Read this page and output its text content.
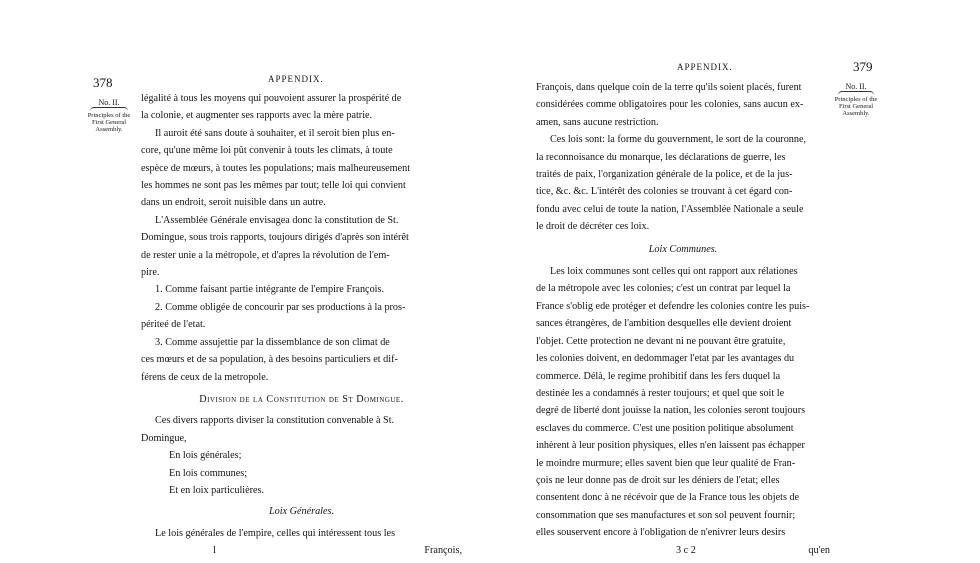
378	APPENDIX.
No. II.
Principles of the First General Assembly.

légalité à tous les moyens qui pouvoient assurer la prospérité de

la colonie, et augmenter ses rapports avec la mère patrie.

Il auroit été sans doute à souhaiter, et il seroit bien plus en-

core, qu'une même loi pût convenir à touts les climats, à toute

espèce de mœurs, à toutes les populations; mais malheureusement

les hommes ne sont pas les mêmes par tout; telle loi qui convient

dans un endroit, seroit nuisible dans un autre.

L'Assemblée Générale envisagea donc la constitution de St.

Domingue, sous trois rapports, toujours dirigés d'après son intérêt

de rester unie a la métropole, et d'apres la révolution de l'em-

pire.

1. Comme faisant partie intégrante de l'empire François.

2. Comme obligée de concourir par ses productions à la pros-

périteé de l'etat.

3. Comme assujettie par la dissemblance de son climat de

ces mœurs et de sa population, à des besoins particuliers et dif-

férens de ceux de la metropole.

Division de la Constitution de St Domingue.

Ces divers rapports diviser la constitution convenable à St.

Domingue,

En lois générales;

En lois communes;

Et en loix particulières.

Loix Générales.

Le lois générales de l'empire, celles qui intéressent tous les

l	François,

APPENDIX.	379
No. II.
Principles of the First General Assembly.

François, dans quelque coin de la terre qu'ils soient placés, furent

considérées comme obligatoires pour les colonies, sans aucun ex-

amen, sans aucune restriction.

Ces lois sont: la forme du gouvernment, le sort de la couronne,

la reconnoisance du monarque, les déclarations de guerre, les

traités de paix, l'organization générale de la police, et de la jus-

tice, &c. &c. L'intérêt des colonies se trouvant à cet égard con-

fondu avec celui de toute la nation, l'Assemblée Nationale a seule

le droit de décréter ces loix.

Loix Communes.

Les loix communes sont celles qui ont rapport aux rélationes

de la métropole avec les colonies; c'est un contrat par lequel la

France s'oblig ede protéger et defendre les colonies contre les puis-

sances étrangères, de l'ambition desquelles elle devient droient

l'objet. Cette protection ne devant ni ne pouvant être gratuite,

les colonies doivent, en dedommager l'etat par les avantages du

commerce. Délà, le regime prohibitif dans les fers duquel la

destinée les a condamnés à rester toujours; et quel que soit le

degré de liberté dont jouisse la nation, les colonies seront toujours

esclaves du commerce. C'est une position politique absolument

inhèrent à leur position physiques, elles n'en laissent pas échapper

le moindre murmure; elles savent bien que leur qualité de Fran-

çois ne leur donne pas de droit sur les déniers de l'etat; elles

consentent donc à ne récévoir que de la France tous les objets de

consommation que ses manufactures et son sol peuvent fournir;

elles souservent encore à l'obligation de n'enivrer leurs desirs

3 c 2	qu'en
